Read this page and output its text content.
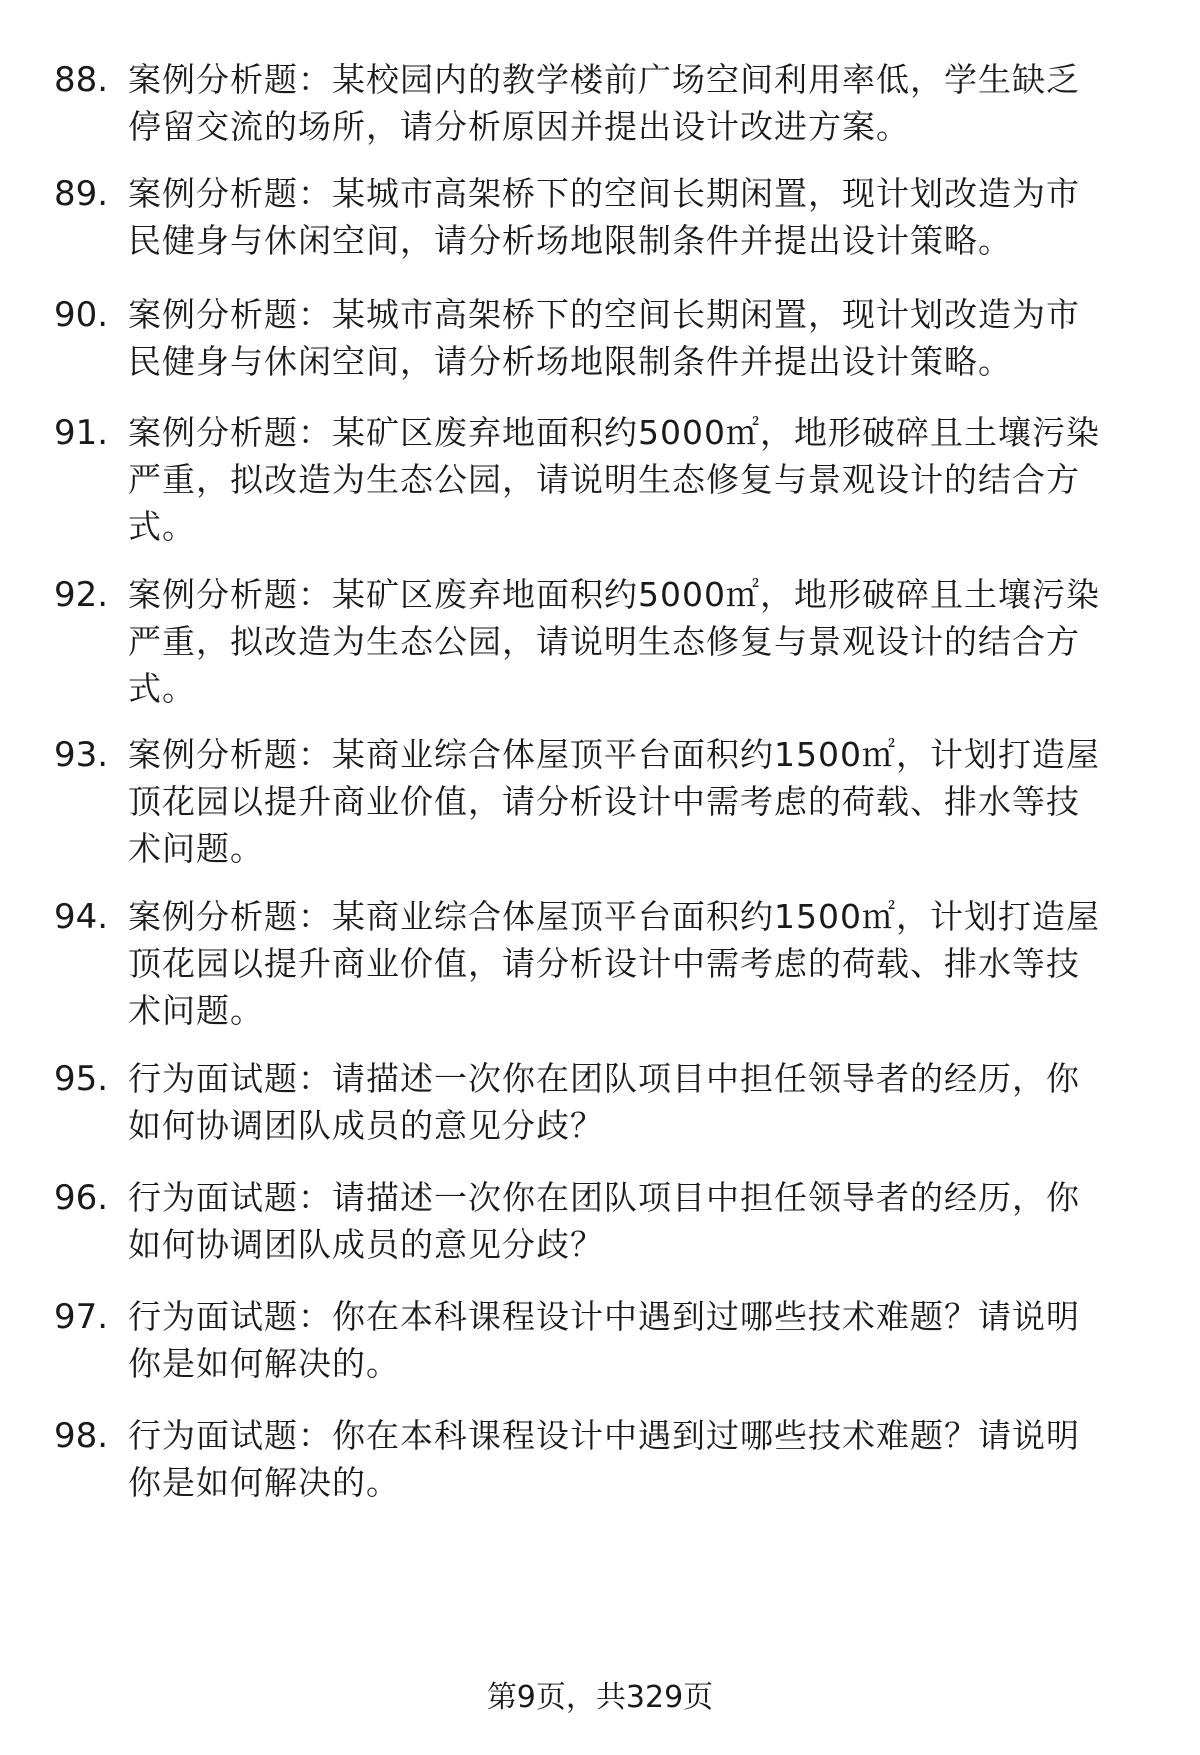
88. 案例分析题：某校园内的教学楼前广场空间利用率低，学生缺乏
停留交流的场所，请分析原因并提出设计改进方案。
89. 案例分析题：某城市高架桥下的空间长期闲置，现计划改造为市
民健身与休闲空间，请分析场地限制条件并提出设计策略。
90. 案例分析题：某城市高架桥下的空间长期闲置，现计划改造为市
民健身与休闲空间，请分析场地限制条件并提出设计策略。
91. 案例分析题：某矿区废弃地面积约5000㎡，地形破碎且土壤污染
严重，拟改造为生态公园，请说明生态修复与景观设计的结合方
式。
92. 案例分析题：某矿区废弃地面积约5000㎡，地形破碎且土壤污染
严重，拟改造为生态公园，请说明生态修复与景观设计的结合方
式。
93. 案例分析题：某商业综合体屋顶平台面积约1500㎡，计划打造屋
顶花园以提升商业价值，请分析设计中需考虑的荷载、排水等技
术问题。
94. 案例分析题：某商业综合体屋顶平台面积约1500㎡，计划打造屋
顶花园以提升商业价值，请分析设计中需考虑的荷载、排水等技
术问题。
95. 行为面试题：请描述一次你在团队项目中担任领导者的经历，你
如何协调团队成员的意见分歧？
96. 行为面试题：请描述一次你在团队项目中担任领导者的经历，你
如何协调团队成员的意见分歧？
97. 行为面试题：你在本科课程设计中遇到过哪些技术难题？请说明
你是如何解决的。
98. 行为面试题：你在本科课程设计中遇到过哪些技术难题？请说明
你是如何解决的。
第9页，共329页
